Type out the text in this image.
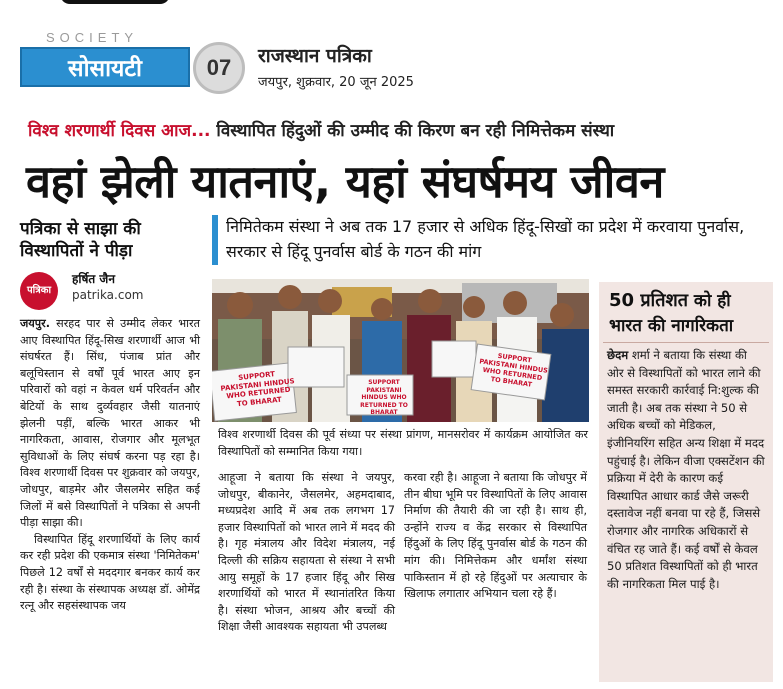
SOCIETY
सोसायटी	07	राजस्थान पत्रिका
जयपुर, शुक्रवार, 20 जून 2025
विश्व शरणार्थी दिवस आज... विस्थापित हिंदुओं की उम्मीद की किरण बन रही निमित्तेकम संस्था
वहां झेली यातनाएं, यहां संघर्षमय जीवन
पत्रिका से साझा की विस्थापितों ने पीड़ा
पत्रिका
हर्षित जैन
patrika.com

जयपुर. सरहद पार से उम्मीद लेकर भारत आए विस्थापित हिंदू-सिख शरणार्थी आज भी संघर्षरत हैं। सिंध, पंजाब प्रांत और बलूचिस्तान से वर्षों पूर्व भारत आए इन परिवारों को वहां न केवल धर्म परिवर्तन और बेटियों के साथ दुर्व्यवहार जैसी यातनाएं झेलनी पड़ीं, बल्कि भारत आकर भी नागरिकता, आवास, रोजगार और मूलभूत सुविधाओं के लिए संघर्ष करना पड़ रहा है। विश्व शरणार्थी दिवस पर शुक्रवार को जयपुर, जोधपुर, बाड़मेर और जैसलमेर सहित कई जिलों में बसे विस्थापितों ने पत्रिका से अपनी पीड़ा साझा की।

विस्थापित हिंदू शरणार्थियों के लिए कार्य कर रही प्रदेश की एकमात्र संस्था 'निमितेकम' पिछले 12 वर्षों से मददगार बनकर कार्य कर रही है। संस्था के संस्थापक अध्यक्ष डॉ. ओमेंद्र रत्नू और सहसंस्थापक जय

निमितेकम संस्था ने अब तक 17 हजार से अधिक हिंदू-सिखों का प्रदेश में करवाया पुनर्वास, सरकार से हिंदू पुनर्वास बोर्ड के गठन की मांग
SUPPORT PAKISTANI HINDUS WHO RETURNED TO BHARAT
SUPPORT PAKISTANI HINDUS WHO RETURNED TO BHARAT
SUPPORT PAKISTANI HINDUS WHO RETURNED TO BHARAT
विश्व शरणार्थी दिवस की पूर्व संध्या पर संस्था प्रांगण, मानसरोवर में कार्यक्रम आयोजित कर विस्थापितों को सम्मानित किया गया।
आहूजा ने बताया कि संस्था ने जयपुर, जोधपुर, बीकानेर, जैसलमेर, अहमदाबाद, मध्यप्रदेश आदि में अब तक लगभग 17 हजार विस्थापितों को भारत लाने में मदद की है। गृह मंत्रालय और विदेश मंत्रालय, नई दिल्ली की सक्रिय सहायता से संस्था ने सभी आयु समूहों के 17 हजार हिंदू और सिख शरणार्थियों को भारत में स्थानांतरित किया है। संस्था भोजन, आश्रय और बच्चों की शिक्षा जैसी आवश्यक सहायता भी उपलब्ध
करवा रही है। आहूजा ने बताया कि जोधपुर में तीन बीघा भूमि पर विस्थापितों के लिए आवास निर्माण की तैयारी की जा रही है। साथ ही, उन्होंने राज्य व केंद्र सरकार से विस्थापित हिंदुओं के लिए हिंदू पुनर्वास बोर्ड के गठन की मांग की। निमित्तेकम और धर्मांश संस्था पाकिस्तान में हो रहे हिंदुओं पर अत्याचार के खिलाफ लगातार अभियान चला रहे हैं।
50 प्रतिशत को ही भारत की नागरिकता
छेदम शर्मा ने बताया कि संस्था की ओर से विस्थापितों को भारत लाने की समस्त सरकारी कार्रवाई नि:शुल्क की जाती है। अब तक संस्था ने 50 से अधिक बच्चों को मेडिकल, इंजीनियरिंग सहित अन्य शिक्षा में मदद पहुंचाई है। लेकिन वीजा एक्सटेंशन की प्रक्रिया में देरी के कारण कई विस्थापित आधार कार्ड जैसे जरूरी दस्तावेज नहीं बनवा पा रहे हैं, जिससे रोजगार और नागरिक अधिकारों से वंचित रह जाते हैं। कई वर्षों से केवल 50 प्रतिशत विस्थापितों को ही भारत की नागरिकता मिल पाई है।
